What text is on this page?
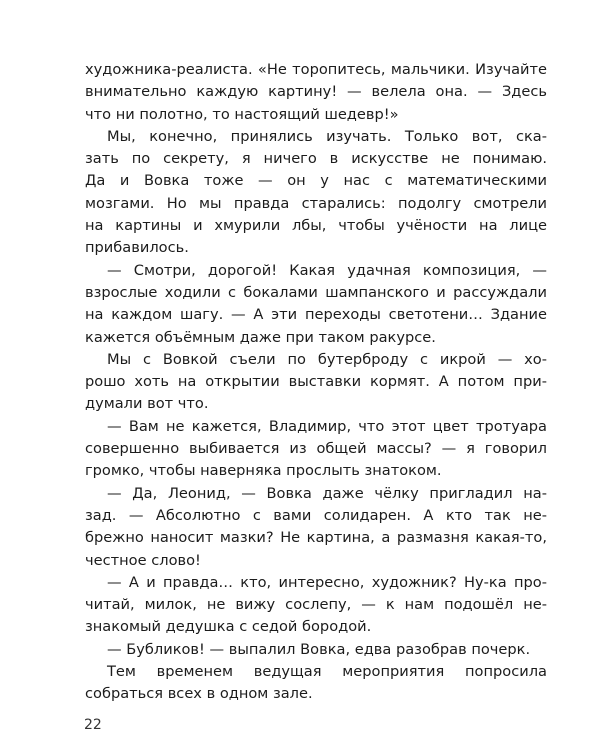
художника-реалиста. «Не торопитесь, мальчики. Изучайте
внимательно каждую картину! — велела она. — Здесь
что ни полотно, то настоящий шедевр!»
Мы, конечно, принялись изучать. Только вот, ска-
зать по секрету, я ничего в искусстве не понимаю.
Да и Вовка тоже — он у нас с математическими
мозгами. Но мы правда старались: подолгу смотрели
на картины и хмурили лбы, чтобы учёности на лице
прибавилось.
— Смотри, дорогой! Какая удачная композиция, —
взрослые ходили с бокалами шампанского и рассуждали
на каждом шагу. — А эти переходы светотени… Здание
кажется объёмным даже при таком ракурсе.
Мы с Вовкой съели по бутерброду с икрой — хо-
рошо хоть на открытии выставки кормят. А потом при-
думали вот что.
— Вам не кажется, Владимир, что этот цвет тротуара
совершенно выбивается из общей массы? — я говорил
громко, чтобы наверняка прослыть знатоком.
— Да, Леонид, — Вовка даже чёлку пригладил на-
зад. — Абсолютно с вами солидарен. А кто так не-
брежно наносит мазки? Не картина, а размазня какая-то,
честное слово!
— А и правда… кто, интересно, художник? Ну-ка про-
читай, милок, не вижу сослепу, — к нам подошёл не-
знакомый дедушка с седой бородой.
— Бубликов! — выпалил Вовка, едва разобрав почерк.
Тем временем ведущая мероприятия попросила
собраться всех в одном зале.
22
